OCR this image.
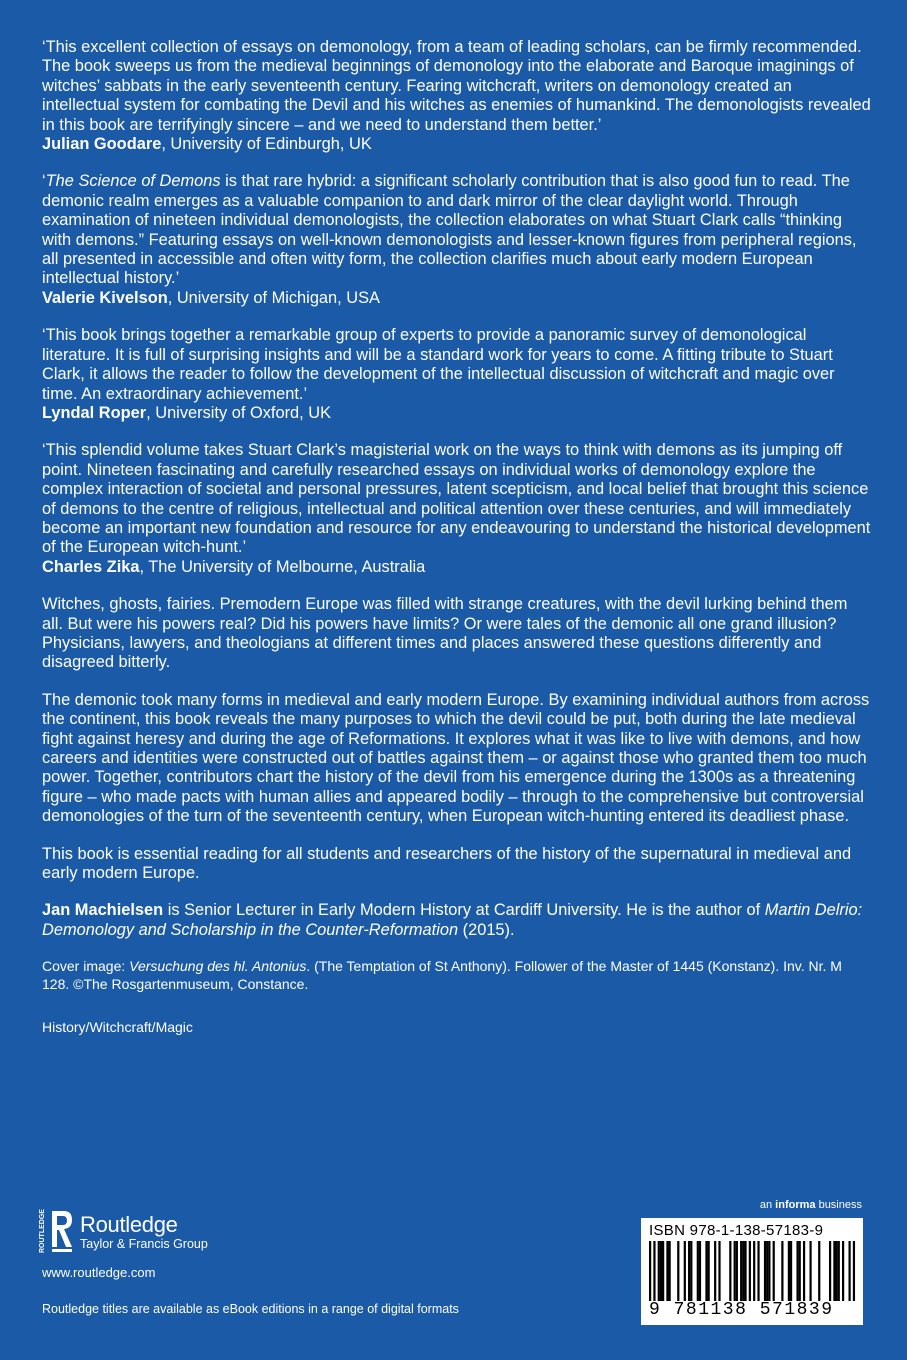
‘This excellent collection of essays on demonology, from a team of leading scholars, can be firmly recommended. The book sweeps us from the medieval beginnings of demonology into the elaborate and Baroque imaginings of witches’ sabbats in the early seventeenth century. Fearing witchcraft, writers on demonology created an intellectual system for combating the Devil and his witches as enemies of humankind. The demonologists revealed in this book are terrifyingly sincere – and we need to understand them better.’
Julian Goodare, University of Edinburgh, UK

‘The Science of Demons is that rare hybrid: a significant scholarly contribution that is also good fun to read. The demonic realm emerges as a valuable companion to and dark mirror of the clear daylight world. Through examination of nineteen individual demonologists, the collection elaborates on what Stuart Clark calls “thinking with demons.” Featuring essays on well-known demonologists and lesser-known figures from peripheral regions, all presented in accessible and often witty form, the collection clarifies much about early modern European intellectual history.’
Valerie Kivelson, University of Michigan, USA

‘This book brings together a remarkable group of experts to provide a panoramic survey of demonological literature. It is full of surprising insights and will be a standard work for years to come. A fitting tribute to Stuart Clark, it allows the reader to follow the development of the intellectual discussion of witchcraft and magic over time. An extraordinary achievement.’
Lyndal Roper, University of Oxford, UK

‘This splendid volume takes Stuart Clark’s magisterial work on the ways to think with demons as its jumping off point. Nineteen fascinating and carefully researched essays on individual works of demonology explore the complex interaction of societal and personal pressures, latent scepticism, and local belief that brought this science of demons to the centre of religious, intellectual and political attention over these centuries, and will immediately become an important new foundation and resource for any endeavouring to understand the historical development of the European witch-hunt.’
Charles Zika, The University of Melbourne, Australia

Witches, ghosts, fairies. Premodern Europe was filled with strange creatures, with the devil lurking behind them all. But were his powers real? Did his powers have limits? Or were tales of the demonic all one grand illusion? Physicians, lawyers, and theologians at different times and places answered these questions differently and disagreed bitterly.

The demonic took many forms in medieval and early modern Europe. By examining individual authors from across the continent, this book reveals the many purposes to which the devil could be put, both during the late medieval fight against heresy and during the age of Reformations. It explores what it was like to live with demons, and how careers and identities were constructed out of battles against them – or against those who granted them too much power. Together, contributors chart the history of the devil from his emergence during the 1300s as a threatening figure – who made pacts with human allies and appeared bodily – through to the comprehensive but controversial demonologies of the turn of the seventeenth century, when European witch-hunting entered its deadliest phase.

This book is essential reading for all students and researchers of the history of the supernatural in medieval and early modern Europe.

Jan Machielsen is Senior Lecturer in Early Modern History at Cardiff University. He is the author of Martin Delrio: Demonology and Scholarship in the Counter-Reformation (2015).

Cover image: Versuchung des hl. Antonius. (The Temptation of St Anthony). Follower of the Master of 1445 (Konstanz). Inv. Nr. M 128. ©The Rosgartenmuseum, Constance.

History/Witchcraft/Magic

ROUTLEDGE Routledge
Taylor & Francis Group
www.routledge.com
Routledge titles are available as eBook editions in a range of digital formats
an informa business
ISBN 978-1-138-57183-9
9 781138 571839
